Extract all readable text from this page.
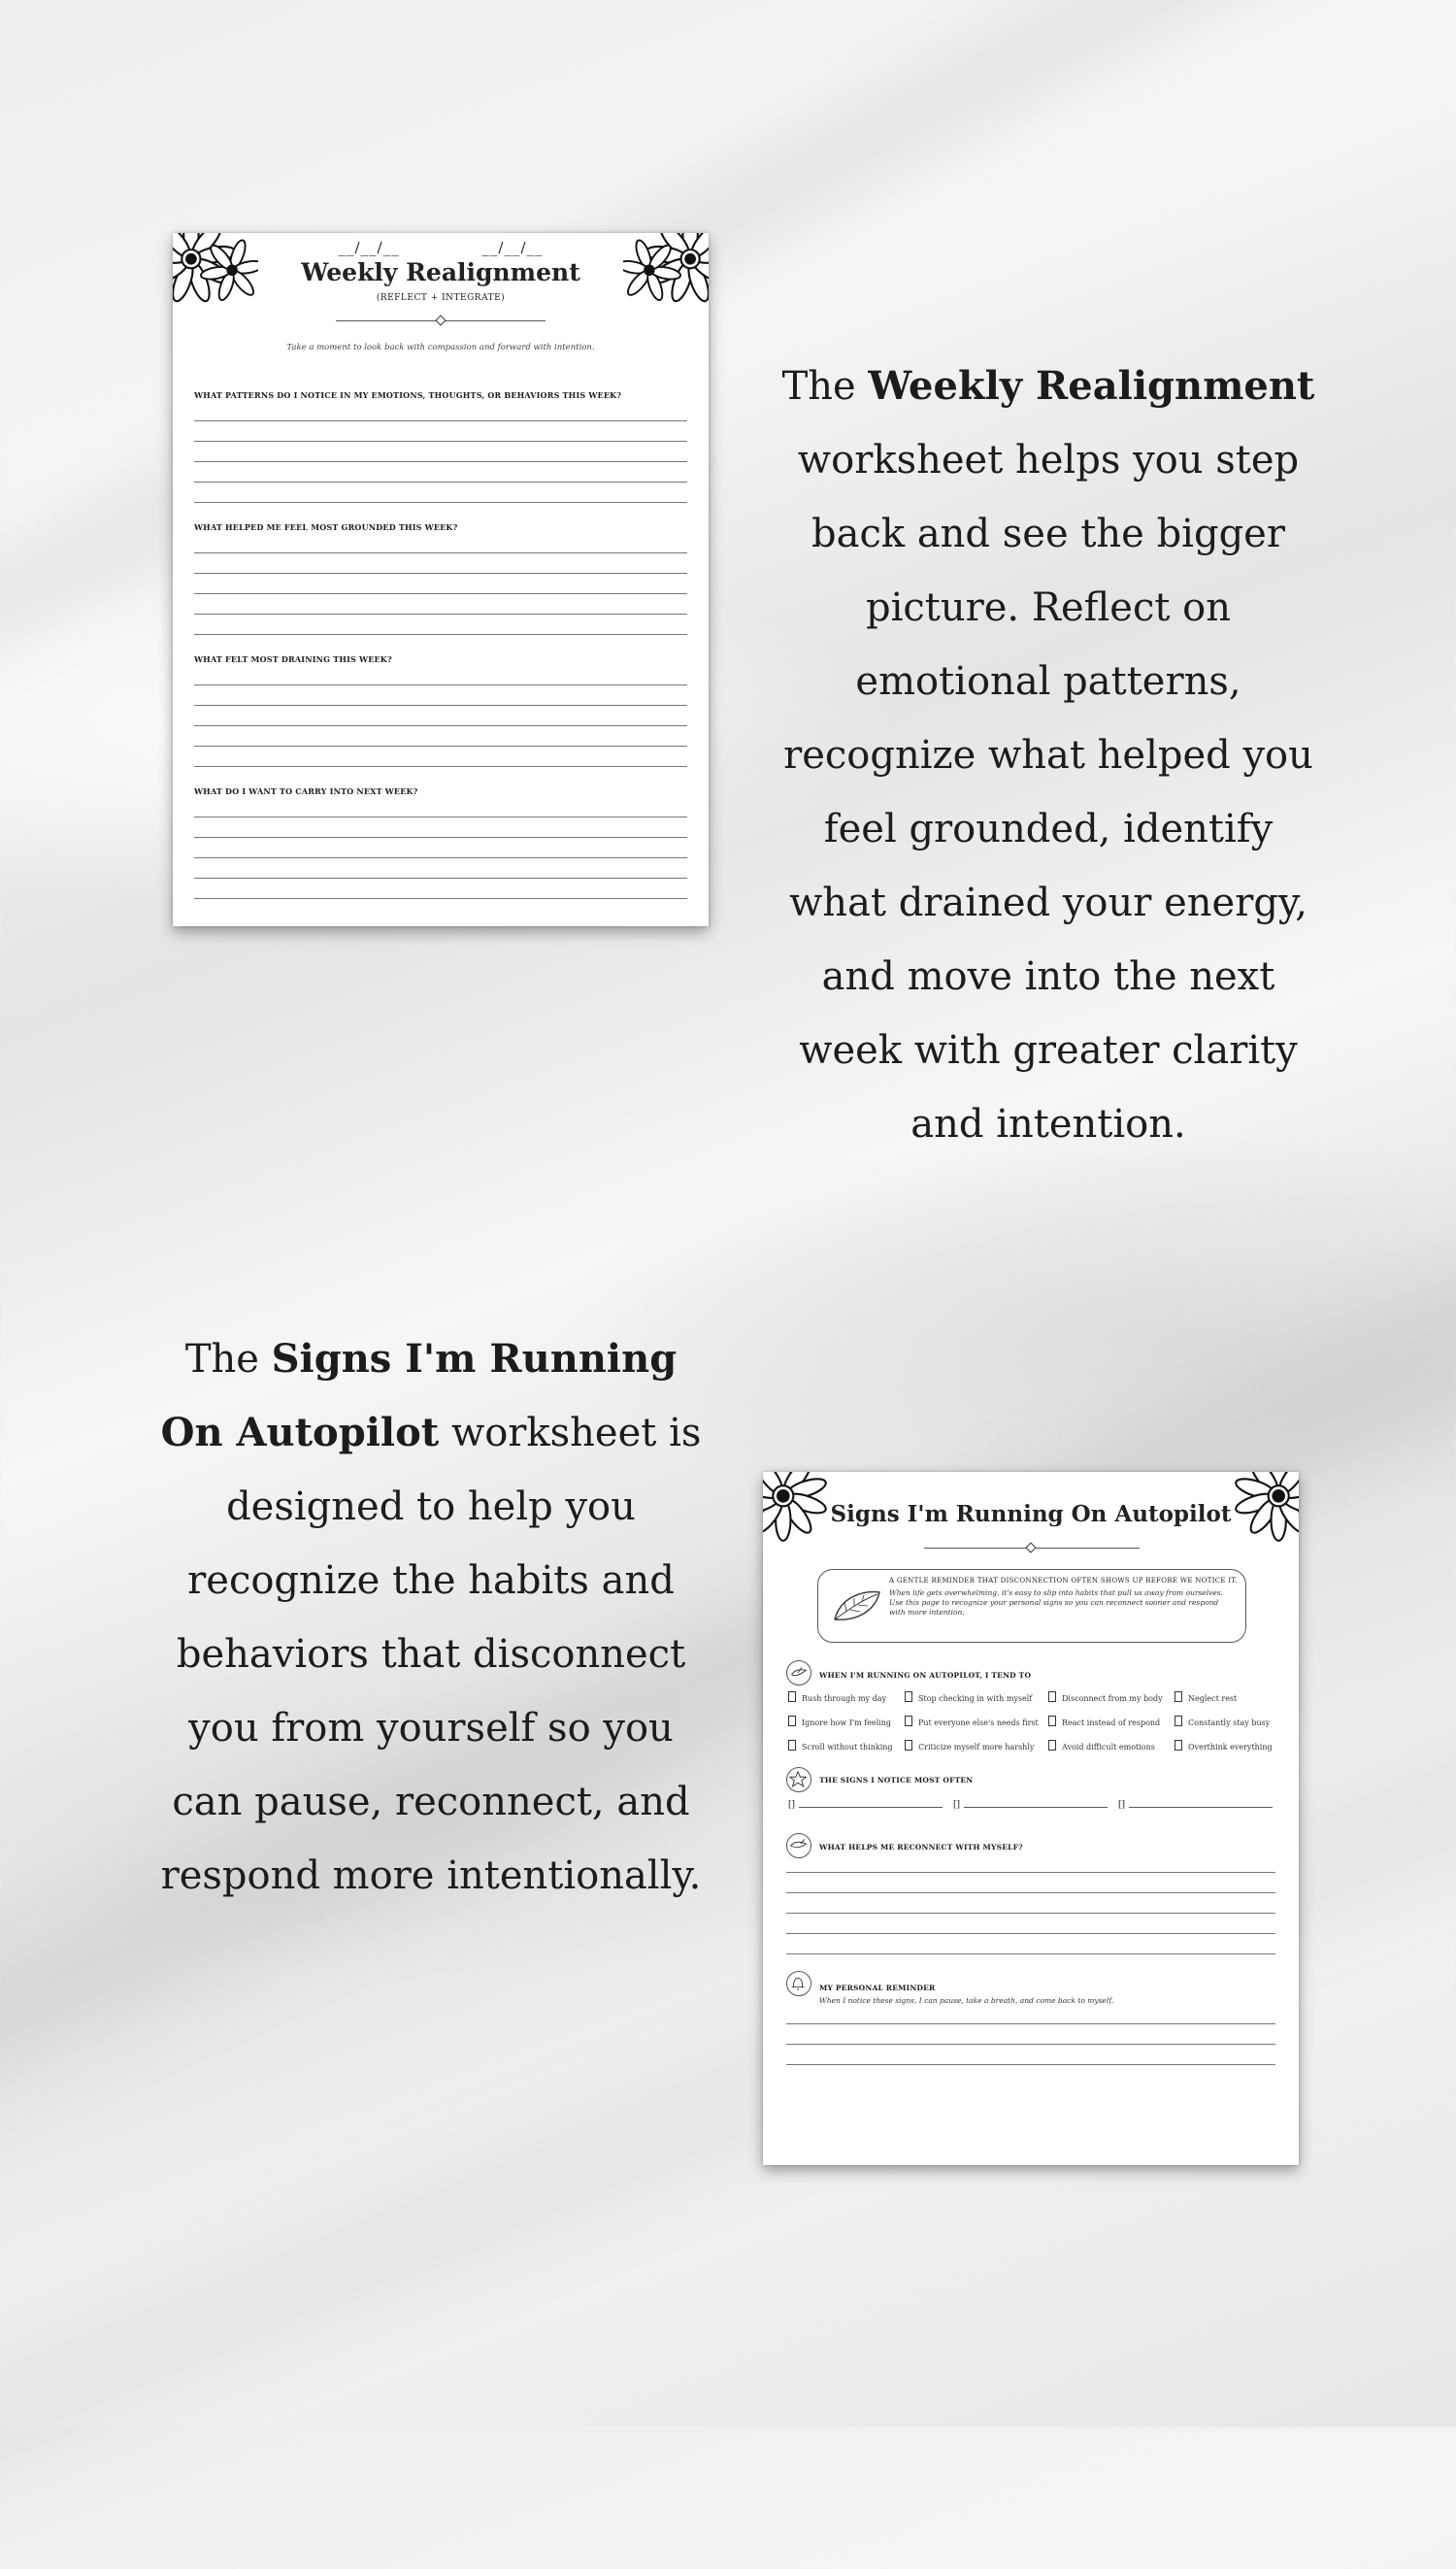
__/__/__	__/__/__
Weekly Realignment
(REFLECT + INTEGRATE)
Take a moment to look back with compassion and forward with intention.
WHAT PATTERNS DO I NOTICE IN MY EMOTIONS, THOUGHTS, OR BEHAVIORS THIS WEEK?
WHAT HELPED ME FEEL MOST GROUNDED THIS WEEK?
WHAT FELT MOST DRAINING THIS WEEK?
WHAT DO I WANT TO CARRY INTO NEXT WEEK?
The Weekly Realignment worksheet helps you step back and see the bigger picture. Reflect on emotional patterns, recognize what helped you feel grounded, identify what drained your energy, and move into the next week with greater clarity and intention.
The Signs I'm Running On Autopilot worksheet is designed to help you recognize the habits and behaviors that disconnect you from yourself so you can pause, reconnect, and respond more intentionally.
Signs I'm Running On Autopilot
A GENTLE REMINDER THAT DISCONNECTION OFTEN SHOWS UP BEFORE WE NOTICE IT.
When life gets overwhelming, it's easy to slip into habits that pull us away from ourselves. Use this page to recognize your personal signs so you can reconnect sooner and respond with more intention.
WHEN I'M RUNNING ON AUTOPILOT, I TEND TO
Rush through my day	Stop checking in with myself	Disconnect from my body	Neglect rest
Ignore how I'm feeling	Put everyone else's needs first	React instead of respond	Constantly stay busy
Scroll without thinking	Criticize myself more harshly	Avoid difficult emotions	Overthink everything
THE SIGNS I NOTICE MOST OFTEN
[]	[]	[]
WHAT HELPS ME RECONNECT WITH MYSELF?
MY PERSONAL REMINDER
When I notice these signs, I can pause, take a breath, and come back to myself.
